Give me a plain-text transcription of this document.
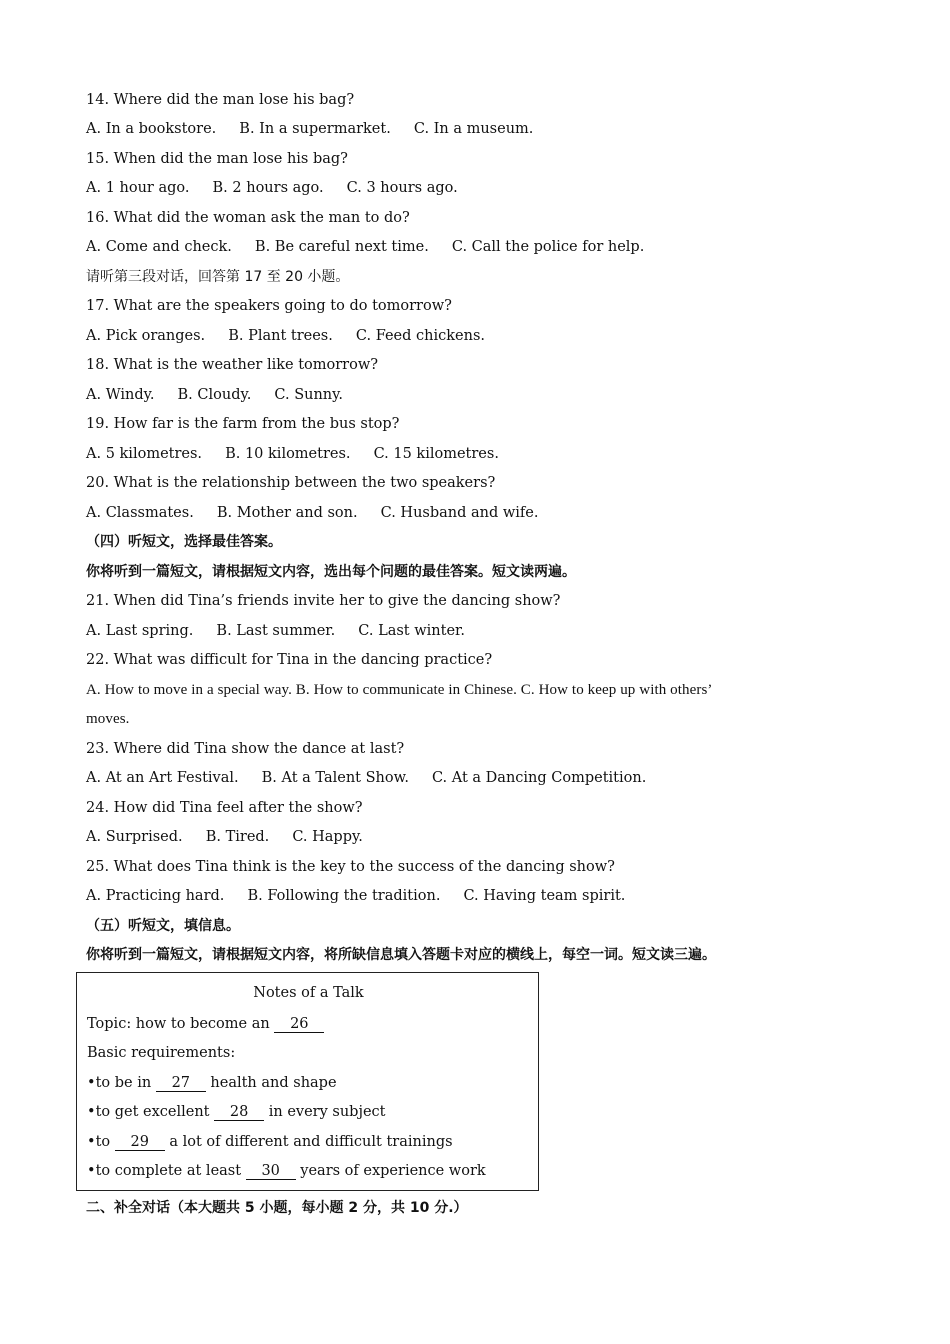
14. Where did the man lose his bag?
A. In a bookstore.     B. In a supermarket.     C. In a museum.
15. When did the man lose his bag?
A. 1 hour ago.     B. 2 hours ago.     C. 3 hours ago.
16. What did the woman ask the man to do?
A. Come and check.     B. Be careful next time.     C. Call the police for help.
请听第三段对话，回答第 17 至 20 小题。
17. What are the speakers going to do tomorrow?
A. Pick oranges.     B. Plant trees.     C. Feed chickens.
18. What is the weather like tomorrow?
A. Windy.     B. Cloudy.     C. Sunny.
19. How far is the farm from the bus stop?
A. 5 kilometres.     B. 10 kilometres.     C. 15 kilometres.
20. What is the relationship between the two speakers?
A. Classmates.     B. Mother and son.     C. Husband and wife.
（四）听短文，选择最佳答案。
你将听到一篇短文，请根据短文内容，选出每个问题的最佳答案。短文读两遍。
21. When did Tina’s friends invite her to give the dancing show?
A. Last spring.     B. Last summer.     C. Last winter.
22. What was difficult for Tina in the dancing practice?
A. How to move in a special way. B. How to communicate in Chinese. C. How to keep up with others’
moves.
23. Where did Tina show the dance at last?
A. At an Art Festival.     B. At a Talent Show.     C. At a Dancing Competition.
24. How did Tina feel after the show?
A. Surprised.     B. Tired.     C. Happy.
25. What does Tina think is the key to the success of the dancing show?
A. Practicing hard.     B. Following the tradition.     C. Having team spirit.
（五）听短文，填信息。
你将听到一篇短文，请根据短文内容，将所缺信息填入答题卡对应的横线上，每空一词。短文读三遍。
Notes of a Talk
Topic: how to become an 26
Basic requirements:
•to be in 27 health and shape
•to get excellent 28 in every subject
•to 29 a lot of different and difficult trainings
•to complete at least 30 years of experience work
二、补全对话（本大题共 5 小题，每小题 2 分，共 10 分.）
